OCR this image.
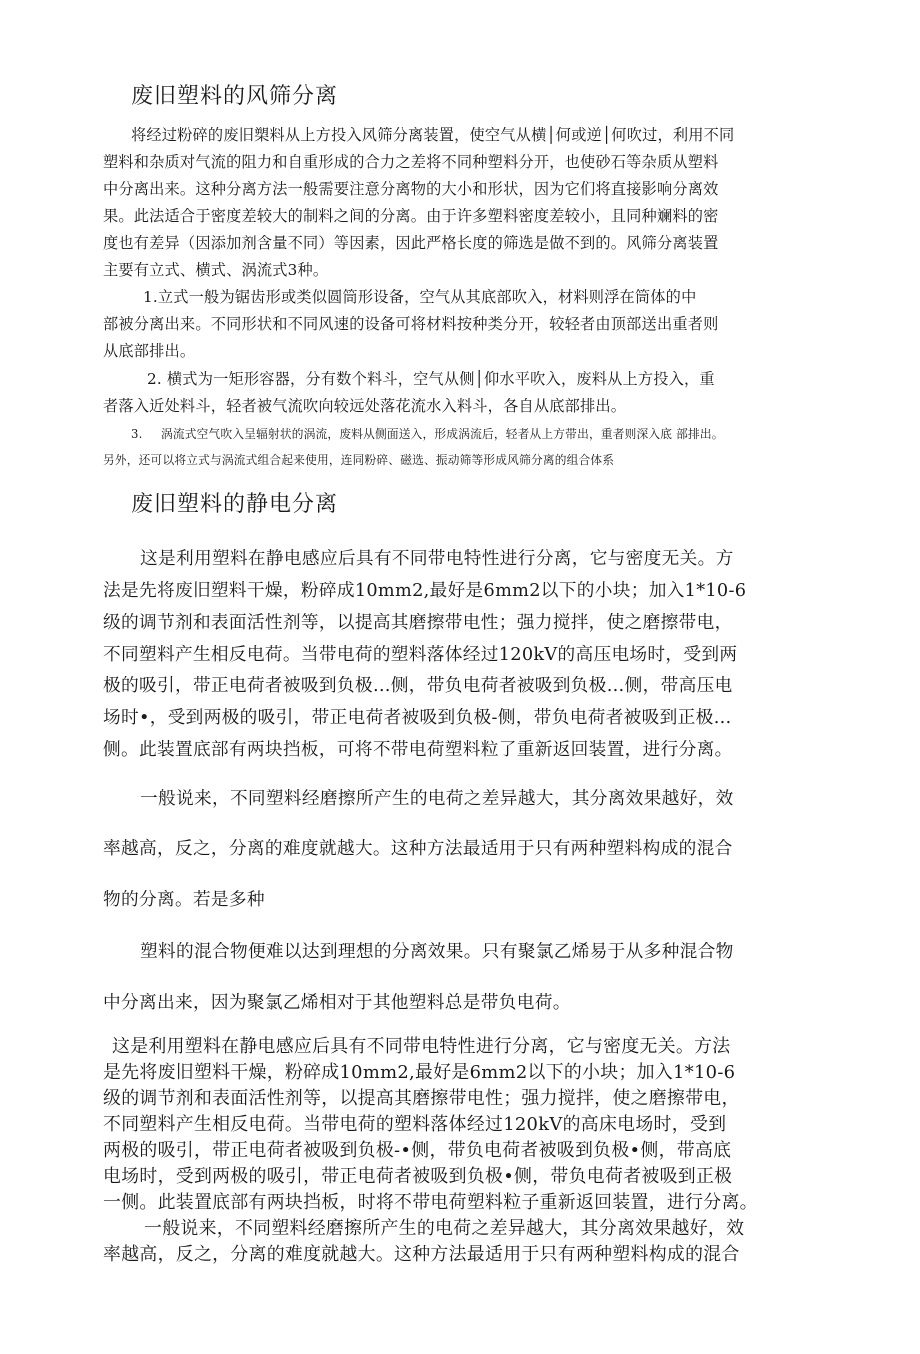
废旧塑料的风筛分离
将经过粉碎的废旧槊料从上方投入风筛分离装置，使空气从横│何或逆│何吹过，利用不同
塑料和杂质对气流的阻力和自重形成的合力之差将不同种塑料分开，也使砂石等杂质从塑料
中分离出来。这种分离方法一般需要注意分离物的大小和形状，因为它们将直接影响分离效
果。此法适合于密度差较大的制料之间的分离。由于许多塑料密度差较小，且同种斓料的密
度也有差异（因添加剂含量不同）等因素，因此严格长度的筛选是做不到的。风筛分离装置
主要有立式、横式、涡流式3种。
1.立式一般为锯齿形或类似圆筒形设备，空气从其底部吹入，材料则浮在筒体的中
部被分离出来。不同形状和不同风速的设备可将材料按种类分开，较轻者由顶部送出重者则
从底部排出。
2. 横式为一矩形容器，分有数个料斗，空气从侧│仰水平吹入，废料从上方投入，重
者落入近处料斗，轻者被气流吹向较远处落花流水入料斗，各自从底部排出。
3. 涡流式空气吹入呈辐射状的涡流，废料从侧面送入，形成涡流后，轻者从上方带出，重者则深入底 部排出。
另外，还可以将立式与涡流式组合起来使用，连同粉碎、磁选、振动筛等形成风筛分离的组合体系
废旧塑料的静电分离
这是利用塑料在静电感应后具有不同带电特性进行分离，它与密度无关。方
法是先将废旧塑料干燥，粉碎成10mm2,最好是6mm2以下的小块；加入1*10-6
级的调节剂和表面活性剂等，以提高其磨擦带电性；强力搅拌，使之磨擦带电，
不同塑料产生相反电荷。当带电荷的塑料落体经过120kV的高压电场时，受到两
极的吸引，带正电荷者被吸到负极…侧，带负电荷者被吸到负极…侧，带高压电
场时•，受到两极的吸引，带正电荷者被吸到负极-侧，带负电荷者被吸到正极…
侧。此装置底部有两块挡板，可将不带电荷塑料粒了重新返回装置，进行分离。
一般说来，不同塑料经磨擦所产生的电荷之差异越大，其分离效果越好，效
率越高，反之，分离的难度就越大。这种方法最适用于只有两种塑料构成的混合
物的分离。若是多种
塑料的混合物便难以达到理想的分离效果。只有聚氯乙烯易于从多种混合物
中分离出来，因为聚氯乙烯相对于其他塑料总是带负电荷。
这是利用塑料在静电感应后具有不同带电特性进行分离，它与密度无关。方法
是先将废旧塑料干燥，粉碎成10mm2,最好是6mm2以下的小块；加入1*10-6
级的调节剂和表面活性剂等，以提高其磨擦带电性；强力搅拌，使之磨擦带电，
不同塑料产生相反电荷。当带电荷的塑料落体经过120kV的高床电场时，受到
两极的吸引，带正电荷者被吸到负极-•侧，带负电荷者被吸到负极•侧，带高底
电场时，受到两极的吸引，带正电荷者被吸到负极•侧，带负电荷者被吸到正极
一侧。此装置底部有两块挡板，时将不带电荷塑料粒子重新返回装置，进行分离。
一般说来，不同塑料经磨擦所产生的电荷之差异越大，其分离效果越好，效
率越高，反之，分离的难度就越大。这种方法最适用于只有两种塑料构成的混合
